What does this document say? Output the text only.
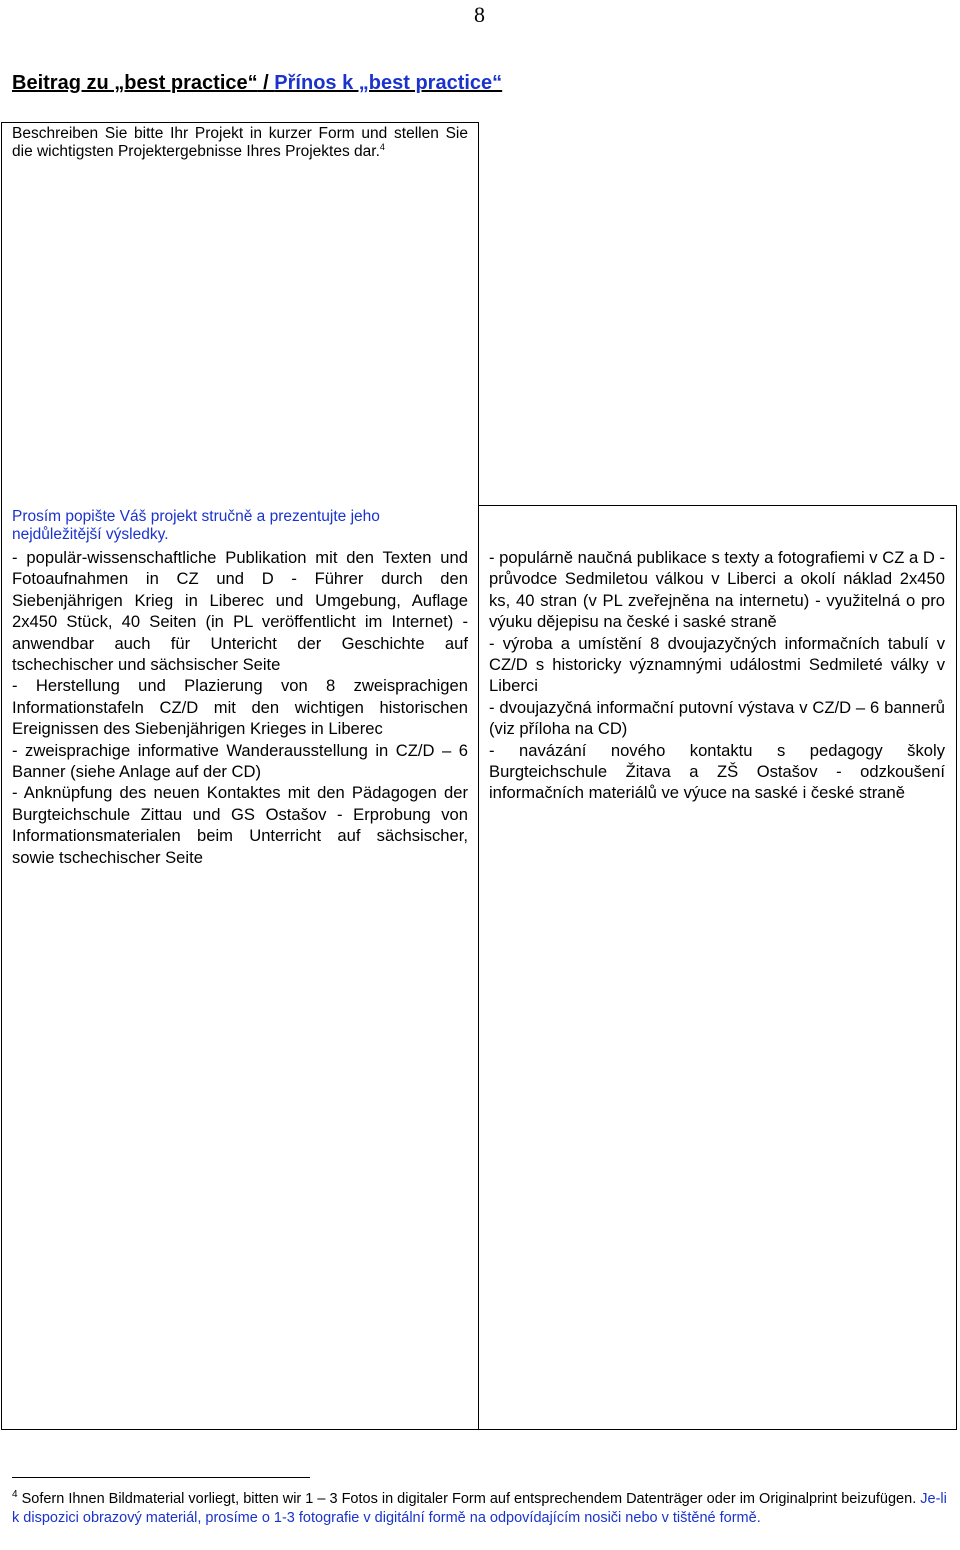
8
Beitrag zu „best practice“ / Přínos k „best practice“
Beschreiben Sie bitte Ihr Projekt in kurzer Form und stellen Sie die wichtigsten Projektergebnisse Ihres Projektes dar.$^4$
Prosím popište Váš projekt stručně a prezentujte jeho nejdůležitější výsledky.

- populär-wissenschaftliche Publikation mit den Texten und Fotoaufnahmen in CZ und D - Führer durch den Siebenjährigen Krieg in Liberec und Umgebung, Auflage 2x450 Stück, 40 Seiten (in PL veröffentlicht im Internet) - anwendbar auch für Untericht der Geschichte auf tschechischer und sächsischer Seite

- Herstellung und Plazierung von 8 zweisprachigen Informationstafeln CZ/D mit den wichtigen historischen Ereignissen des Siebenjährigen Krieges in Liberec

- zweisprachige informative Wanderausstellung in CZ/D – 6 Banner (siehe Anlage auf der CD)

- Anknüpfung des neuen Kontaktes mit den Pädagogen der Burgteichschule Zittau und GS Ostašov - Erprobung von Informationsmaterialen beim Unterricht auf sächsischer, sowie tschechischer Seite

- populárně naučná publikace s texty a fotografiemi v CZ a D - průvodce Sedmiletou válkou v Liberci a okolí náklad 2x450 ks, 40 stran (v PL zveřejněna na internetu) - využitelná o pro výuku dějepisu na české i saské straně

- výroba a umístění 8 dvoujazyčných informačních tabulí v CZ/D s historicky významnými událostmi Sedmileté války v Liberci

- dvoujazyčná informační putovní výstava v CZ/D – 6 bannerů (viz příloha na CD)

- navázání nového kontaktu s pedagogy školy Burgteichschule Žitava a ZŠ Ostašov - odzkoušení informačních materiálů ve výuce na saské i české straně

$^4$ Sofern Ihnen Bildmaterial vorliegt, bitten wir 1 – 3 Fotos in digitaler Form auf entsprechendem Datenträger oder im Originalprint beizufügen. Je-li k dispozici obrazový materiál, prosíme o 1-3 fotografie v digitální formě na odpovídajícím nosiči nebo v tištěné formě.
